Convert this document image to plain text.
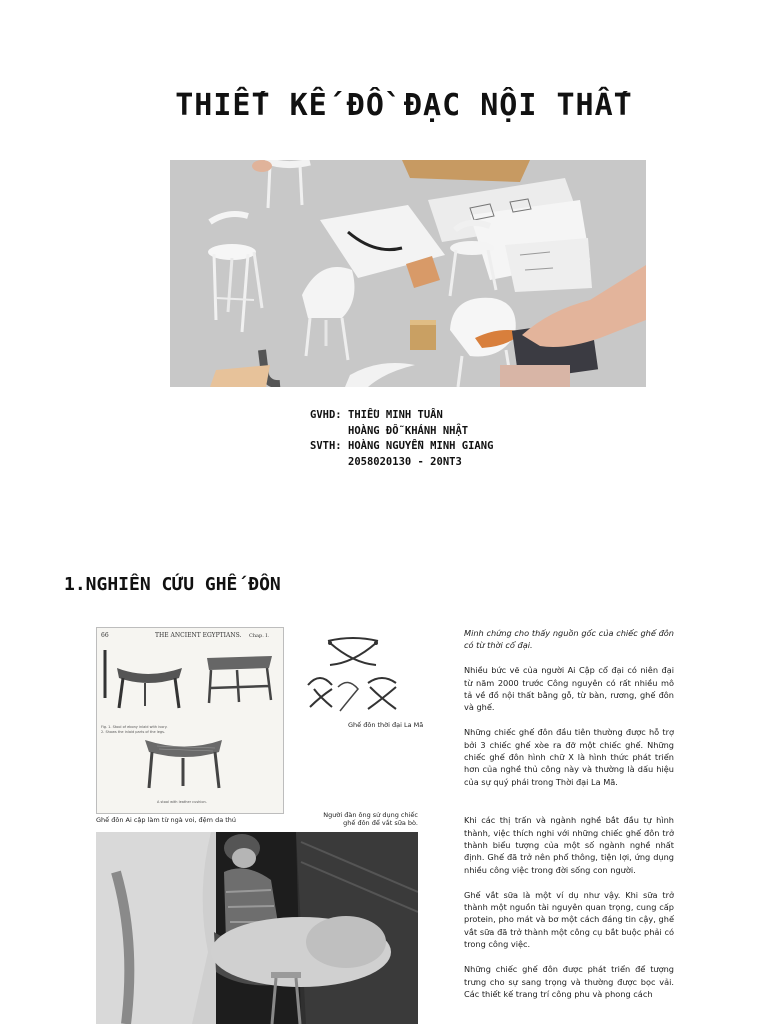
THIẾT KẾ ĐỒ ĐẠC NỘI THẤT
GVHD: THIỀU MINH TUÂN
HOÀNG ĐỖ KHÁNH NHẬT
SVTH: HOÀNG NGUYỄN MINH GIANG
2058020130 - 20NT3
1.NGHIÊN CỨU GHẾ ĐÔN
66	THE ANCIENT EGYPTIANS. Chap. I.
Fig. 1. Stool of ebony inlaid with ivory.
2. Shows the inlaid parts of the legs.
A stool with leather cushion.
Ghế đôn Ai cập làm từ ngà voi, đệm da thú
Ghế đôn thời đại La Mã
Người đàn ông sử dụng chiếc
ghế đôn để vắt sữa bò.

Minh chứng cho thấy nguồn gốc của chiếc ghế đôn có từ thời cổ đại.

Nhiều bức vẽ của người Ai Cập cổ đại có niên đại từ năm 2000 trước Công nguyên có rất nhiều mô tả về đồ nội thất bằng gỗ, từ bàn, rương, ghế đôn và ghế.

Những chiếc ghế đôn đầu tiên thường được hỗ trợ bởi 3 chiếc ghế xòe ra đỡ một chiếc ghế. Những chiếc ghế đôn hình chữ X là hình thức phát triển hơn của nghề thủ công này và thường là dấu hiệu của sự quý phái trong Thời đại La Mã.

Khi các thị trấn và ngành nghề bắt đầu tự hình thành, việc thích nghi với những chiếc ghế đôn trở thành biểu tượng của một số ngành nghề nhất định. Ghế đã trở nên phổ thông, tiện lợi, ứng dụng nhiều công việc trong đời sống con người.

Ghế vắt sữa là một ví dụ như vậy. Khi sữa trở thành một nguồn tài nguyên quan trọng, cung cấp protein, pho mát và bơ một cách đáng tin cậy, ghế vắt sữa đã trở thành một công cụ bắt buộc phải có trong công việc.

Những chiếc ghế đôn được phát triển để tượng trưng cho sự sang trọng và thường được bọc vải. Các thiết kế trang trí công phu và phong cách
